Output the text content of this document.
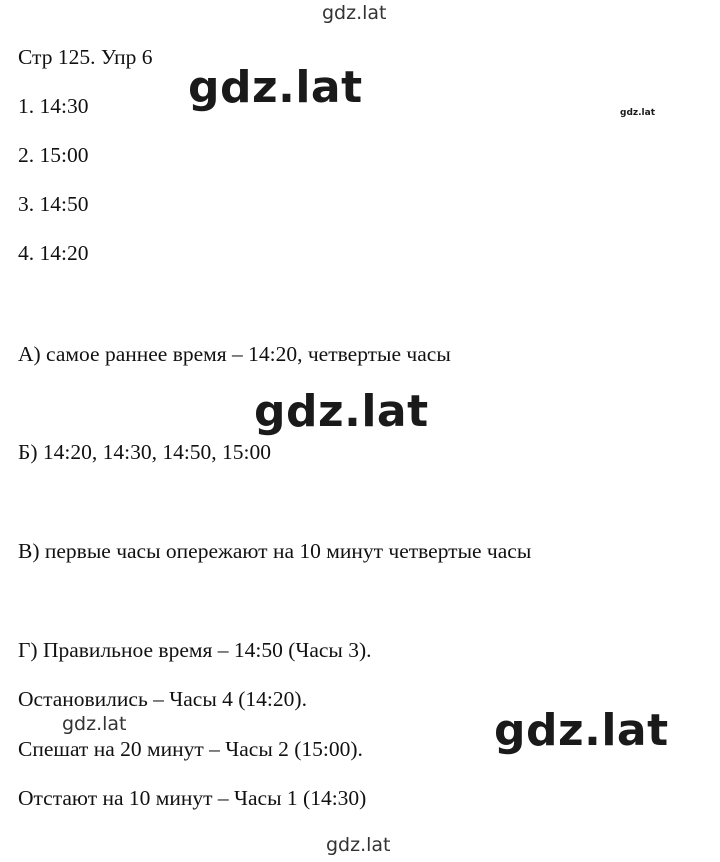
gdz.lat
gdz.lat	gdz.lat
gdz.lat
gdz.lat	gdz.lat
gdz.lat

Стр 125. Упр 6

1. 14:30

2. 15:00

3. 14:50

4. 14:20

А) самое раннее время – 14:20, четвертые часы

Б) 14:20, 14:30, 14:50, 15:00

В) первые часы опережают на 10 минут четвертые часы

Г) Правильное время – 14:50 (Часы 3).

Остановились – Часы 4 (14:20).

Спешат на 20 минут – Часы 2 (15:00).

Отстают на 10 минут – Часы 1 (14:30)
